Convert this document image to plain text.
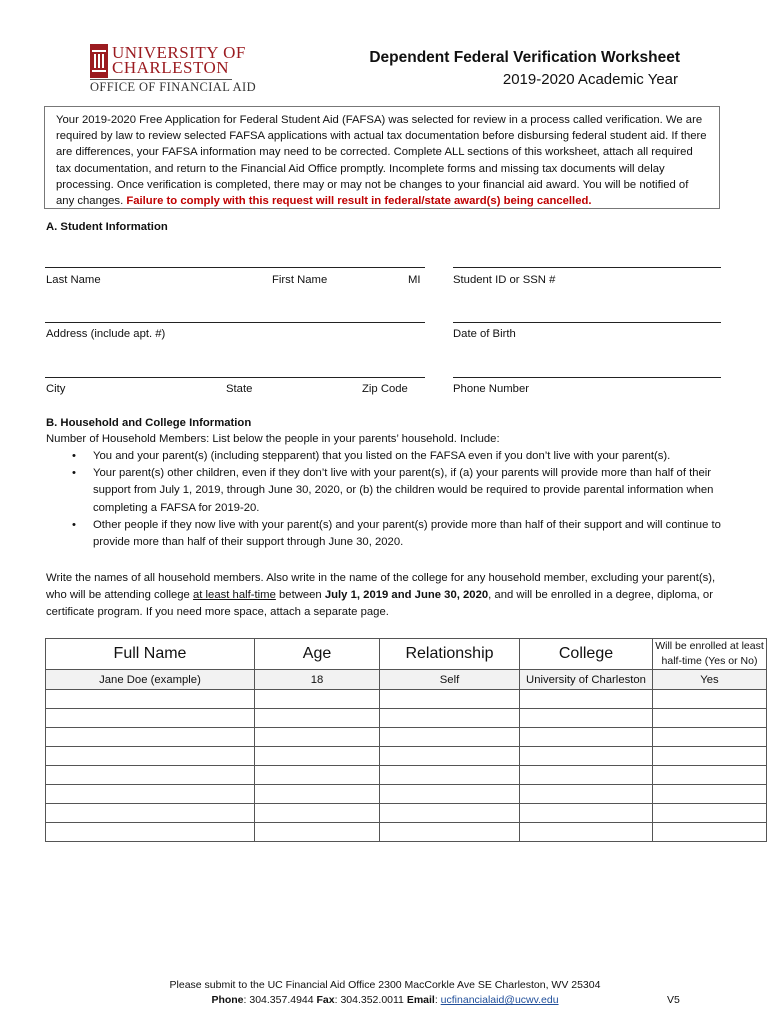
UNIVERSITY OF
CHARLESTON
OFFICE OF FINANCIAL AID
Dependent Federal Verification Worksheet
2019-2020 Academic Year
Your 2019-2020 Free Application for Federal Student Aid (FAFSA) was selected for review in a process called verification. We are required by law to review selected FAFSA applications with actual tax documentation before disbursing federal student aid. If there are differences, your FAFSA information may need to be corrected. Complete ALL sections of this worksheet, attach all required tax documentation, and return to the Financial Aid Office promptly. Incomplete forms and missing tax documents will delay processing. Once verification is completed, there may or may not be changes to your financial aid award. You will be notified of any changes. Failure to comply with this request will result in federal/state award(s) being cancelled.
A. Student Information
Last Name	First Name	MI	Student ID or SSN #
Address (include apt. #)	Date of Birth
City	State	Zip Code	Phone Number
B. Household and College Information
Number of Household Members: List below the people in your parents’ household. Include:
• You and your parent(s) (including stepparent) that you listed on the FAFSA even if you don’t live with your parent(s).
• Your parent(s) other children, even if they don’t live with your parent(s), if (a) your parents will provide more than half of their support from July 1, 2019, through June 30, 2020, or (b) the children would be required to provide parental information when completing a FAFSA for 2019-20.
• Other people if they now live with your parent(s) and your parent(s) provide more than half of their support and will continue to provide more than half of their support through June 30, 2020.
Write the names of all household members. Also write in the name of the college for any household member, excluding your parent(s), who will be attending college at least half-time between July 1, 2019 and June 30, 2020, and will be enrolled in a degree, diploma, or certificate program. If you need more space, attach a separate page.
Full Name	Age	Relationship	College	Will be enrolled at least half-time (Yes or No)
Jane Doe (example)	18	Self	University of Charleston	Yes

Please submit to the UC Financial Aid Office 2300 MacCorkle Ave SE Charleston, WV 25304
Phone: 304.357.4944 Fax: 304.352.0011 Email: ucfinancialaid@ucwv.edu	V5
